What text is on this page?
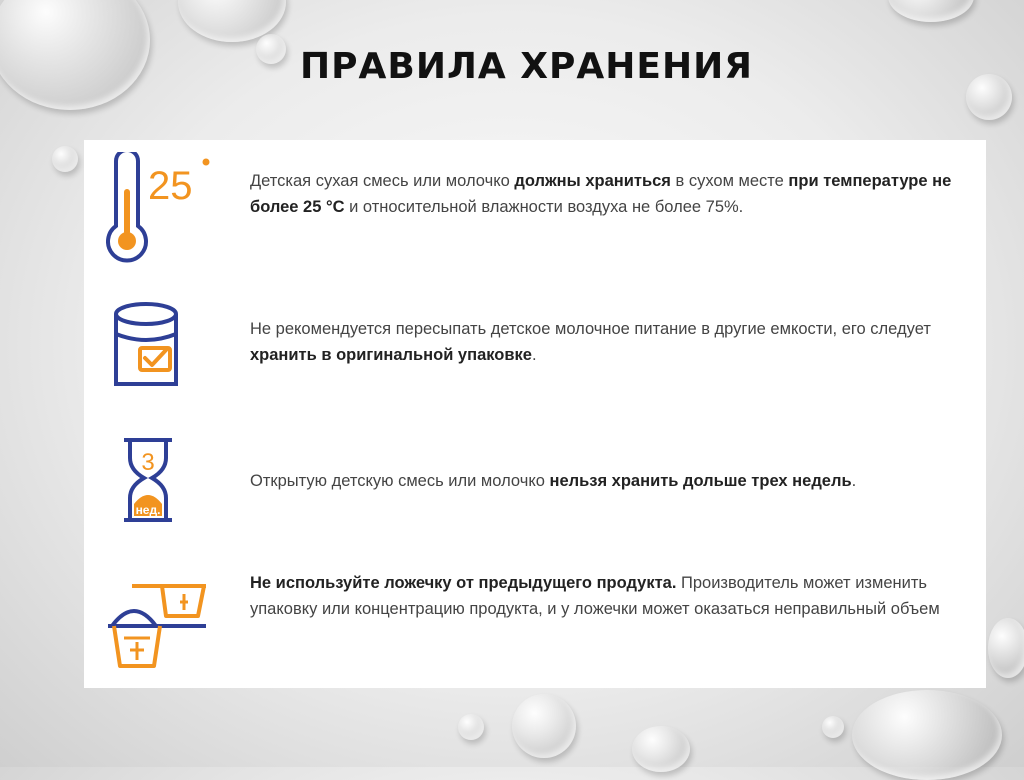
ПРАВИЛА ХРАНЕНИЯ
25	Детская сухая смесь или молочко должны храниться в сухом месте при температуре не более 25 °С и относительной влажности воздуха не более 75%.

Не рекомендуется пересыпать детское молочное питание в другие емкости, его следует хранить в оригинальной упаковке.

3
нед.

Открытую детскую смесь или молочко нельзя хранить дольше трех недель.

Не используйте ложечку от предыдущего продукта. Производитель может изменить упаковку или концентрацию продукта, и у ложечки может оказаться неправильный объем
